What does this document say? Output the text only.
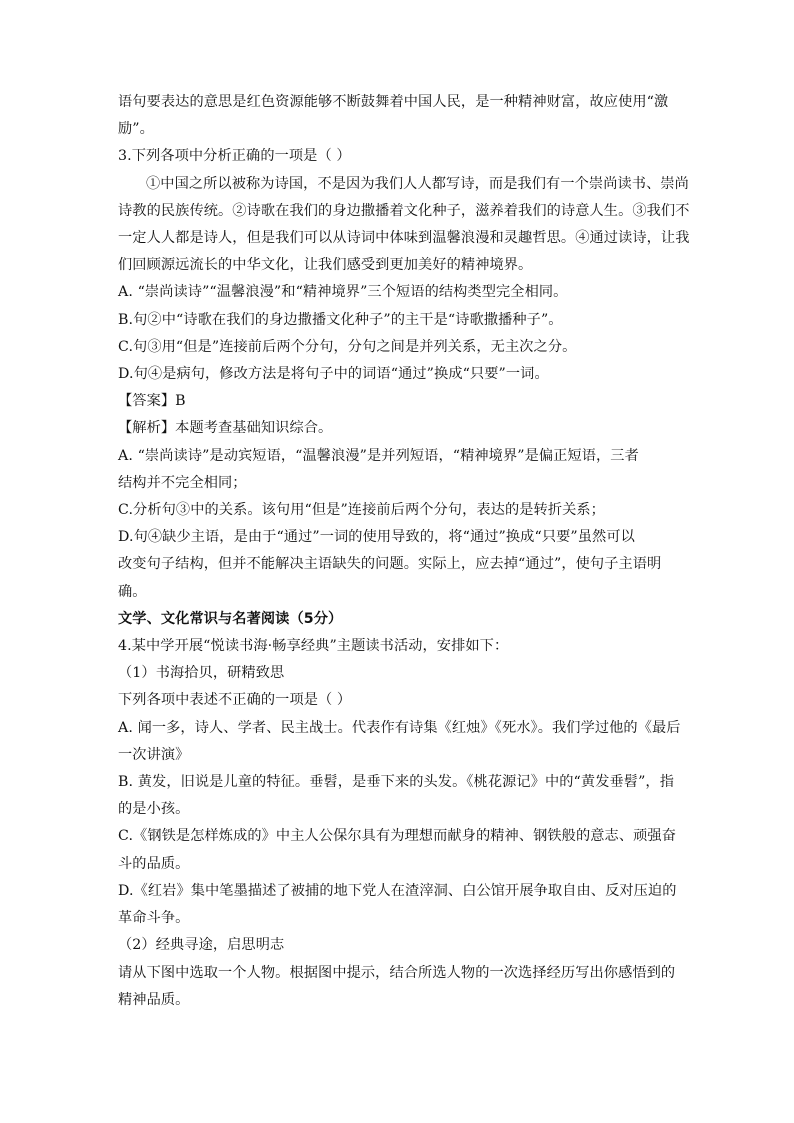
语句要表达的意思是红色资源能够不断鼓舞着中国人民，是一种精神财富，故应使用“激

励”。

3.下列各项中分析正确的一项是（ ）

①中国之所以被称为诗国，不是因为我们人人都写诗，而是我们有一个崇尚读书、崇尚

诗教的民族传统。②诗歌在我们的身边撒播着文化种子，滋养着我们的诗意人生。③我们不

一定人人都是诗人，但是我们可以从诗词中体味到温馨浪漫和灵趣哲思。④通过读诗，让我

们回顾源远流长的中华文化，让我们感受到更加美好的精神境界。

A. “崇尚读诗”“温馨浪漫”和“精神境界”三个短语的结构类型完全相同。

B.句②中“诗歌在我们的身边撒播文化种子”的主干是“诗歌撒播种子”。

C.句③用“但是”连接前后两个分句，分句之间是并列关系，无主次之分。

D.句④是病句，修改方法是将句子中的词语“通过”换成“只要”一词。

【答案】B

【解析】本题考查基础知识综合。

A. “崇尚读诗”是动宾短语，“温馨浪漫”是并列短语，“精神境界”是偏正短语，三者

结构并不完全相同；

C.分析句③中的关系。该句用“但是”连接前后两个分句，表达的是转折关系；

D.句④缺少主语，是由于“通过”一词的使用导致的，将“通过”换成“只要”虽然可以

改变句子结构，但并不能解决主语缺失的问题。实际上，应去掉“通过”，使句子主语明

确。

文学、文化常识与名著阅读（5分）

4.某中学开展“悦读书海·畅享经典”主题读书活动，安排如下：

（1）书海拾贝，研精致思

下列各项中表述不正确的一项是（ ）

A. 闻一多，诗人、学者、民主战士。代表作有诗集《红烛》《死水》。我们学过他的《最后

一次讲演》

B. 黄发，旧说是儿童的特征。垂髫，是垂下来的头发。《桃花源记》中的“黄发垂髫”，指

的是小孩。

C.《钢铁是怎样炼成的》中主人公保尔具有为理想而献身的精神、钢铁般的意志、顽强奋

斗的品质。

D.《红岩》集中笔墨描述了被捕的地下党人在渣滓洞、白公馆开展争取自由、反对压迫的

革命斗争。

（2）经典寻途，启思明志

请从下图中选取一个人物。根据图中提示，结合所选人物的一次选择经历写出你感悟到的

精神品质。
